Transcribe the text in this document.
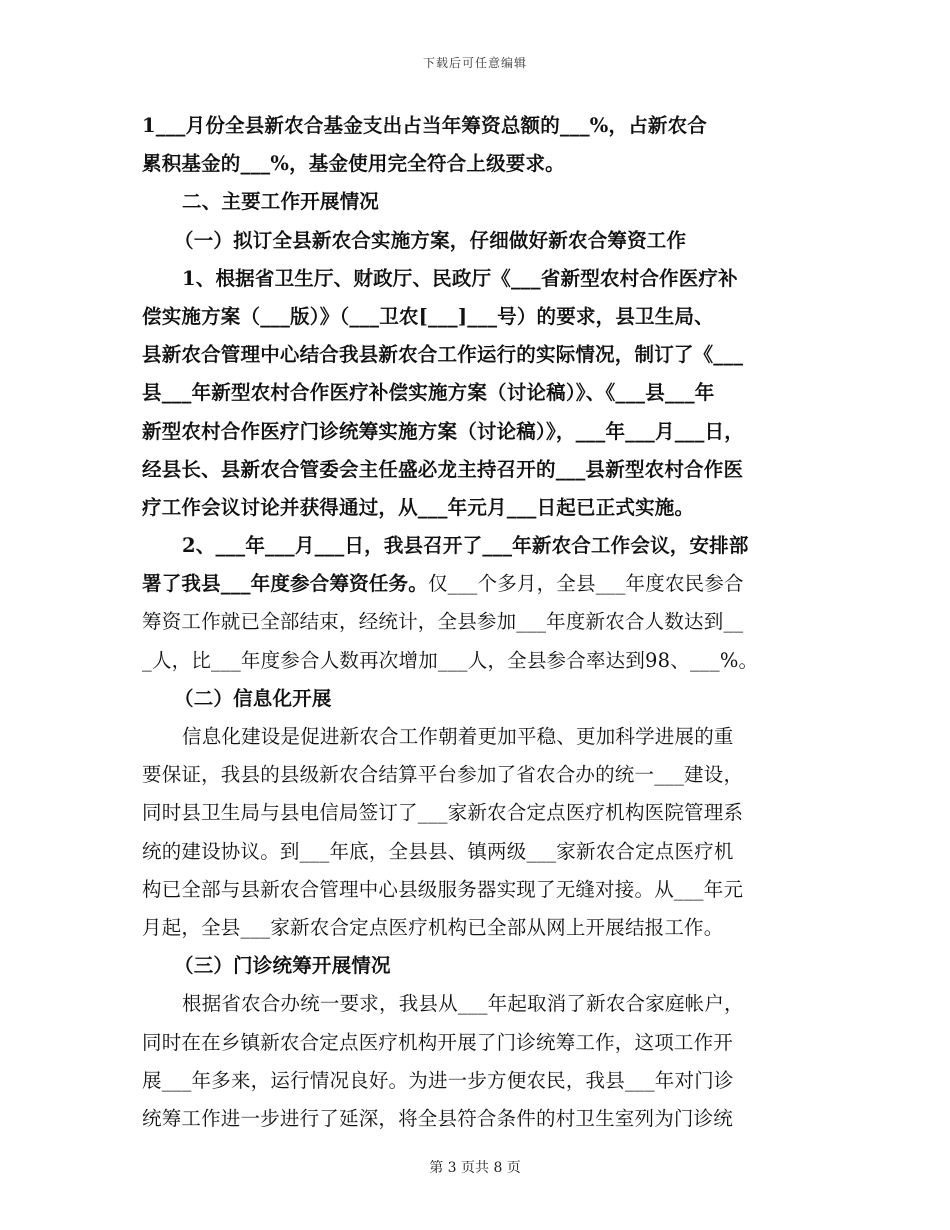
下载后可任意编辑
1___月份全县新农合基金支出占当年筹资总额的___%，占新农合
累积基金的___%，基金使用完全符合上级要求。
二、主要工作开展情况
（一）拟订全县新农合实施方案，仔细做好新农合筹资工作
1、根据省卫生厅、财政厅、民政厅《___省新型农村合作医疗补
偿实施方案（___版）》（___卫农[___]___号）的要求，县卫生局、
县新农合管理中心结合我县新农合工作运行的实际情况，制订了《___
县___年新型农村合作医疗补偿实施方案（讨论稿）》、《___县___年
新型农村合作医疗门诊统筹实施方案（讨论稿）》，___年___月___日，
经县长、县新农合管委会主任盛必龙主持召开的___县新型农村合作医
疗工作会议讨论并获得通过，从___年元月___日起已正式实施。
2、___年___月___日，我县召开了___年新农合工作会议，安排部
署了我县___年度参合筹资任务。仅___个多月，全县___年度农民参合
筹资工作就已全部结束，经统计，全县参加___年度新农合人数达到__
_人，比___年度参合人数再次增加___人，全县参合率达到98、___%。
（二）信息化开展
信息化建设是促进新农合工作朝着更加平稳、更加科学进展的重
要保证，我县的县级新农合结算平台参加了省农合办的统一___建设，
同时县卫生局与县电信局签订了___家新农合定点医疗机构医院管理系
统的建设协议。到___年底，全县县、镇两级___家新农合定点医疗机
构已全部与县新农合管理中心县级服务器实现了无缝对接。从___年元
月起，全县___家新农合定点医疗机构已全部从网上开展结报工作。
（三）门诊统筹开展情况
根据省农合办统一要求，我县从___年起取消了新农合家庭帐户，
同时在在乡镇新农合定点医疗机构开展了门诊统筹工作，这项工作开
展___年多来，运行情况良好。为进一步方便农民，我县___年对门诊
统筹工作进一步进行了延深，将全县符合条件的村卫生室列为门诊统
第 3 页共 8 页
